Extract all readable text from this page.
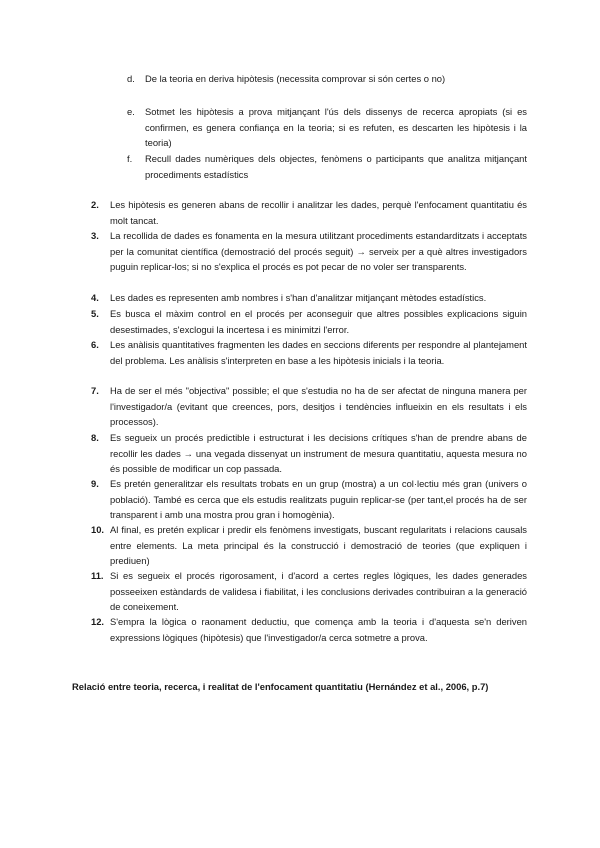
d. De la teoria en deriva hipòtesis (necessita comprovar si són certes o no)
e. Sotmet les hipòtesis a prova mitjançant l'ús dels dissenys de recerca apropiats (si es confirmen, es genera confiança en la teoria; si es refuten, es descarten les hipòtesis i la teoria)
f. Recull dades numèriques dels objectes, fenòmens o participants que analitza mitjançant procediments estadístics
2. Les hipòtesis es generen abans de recollir i analitzar les dades, perquè l'enfocament quantitatiu és molt tancat.
3. La recollida de dades es fonamenta en la mesura utilitzant procediments estandarditzats i acceptats per la comunitat científica (demostració del procés seguit) → serveix per a què altres investigadors puguin replicar-los; si no s'explica el procés es pot pecar de no voler ser transparents.
4. Les dades es representen amb nombres i s'han d'analitzar mitjançant mètodes estadístics.
5. Es busca el màxim control en el procés per aconseguir que altres possibles explicacions siguin desestimades, s'exclogui la incertesa i es minimitzi l'error.
6. Les anàlisis quantitatives fragmenten les dades en seccions diferents per respondre al plantejament del problema. Les anàlisis s'interpreten en base a les hipòtesis inicials i la teoria.
7. Ha de ser el més "objectiva" possible; el que s'estudia no ha de ser afectat de ninguna manera per l'investigador/a (evitant que creences, pors, desitjos i tendències influeixin en els resultats i els processos).
8. Es segueix un procés predictible i estructurat i les decisions crítiques s'han de prendre abans de recollir les dades → una vegada dissenyat un instrument de mesura quantitatiu, aquesta mesura no és possible de modificar un cop passada.
9. Es pretén generalitzar els resultats trobats en un grup (mostra) a un col·lectiu més gran (univers o població). També es cerca que els estudis realitzats puguin replicar-se (per tant,el procés ha de ser transparent i amb una mostra prou gran i homogènia).
10. Al final, es pretén explicar i predir els fenòmens investigats, buscant regularitats i relacions causals entre elements. La meta principal és la construcció i demostració de teories (que expliquen i prediuen)
11. Si es segueix el procés rigorosament, i d'acord a certes regles lògiques, les dades generades posseeixen estàndards de validesa i fiabilitat, i les conclusions derivades contribuiran a la generació de coneixement.
12. S'empra la lògica o raonament deductiu, que comença amb la teoria i d'aquesta se'n deriven expressions lògiques (hipòtesis) que l'investigador/a cerca sotmetre a prova.
Relació entre teoria, recerca, i realitat de l'enfocament quantitatiu (Hernández et al., 2006, p.7)
